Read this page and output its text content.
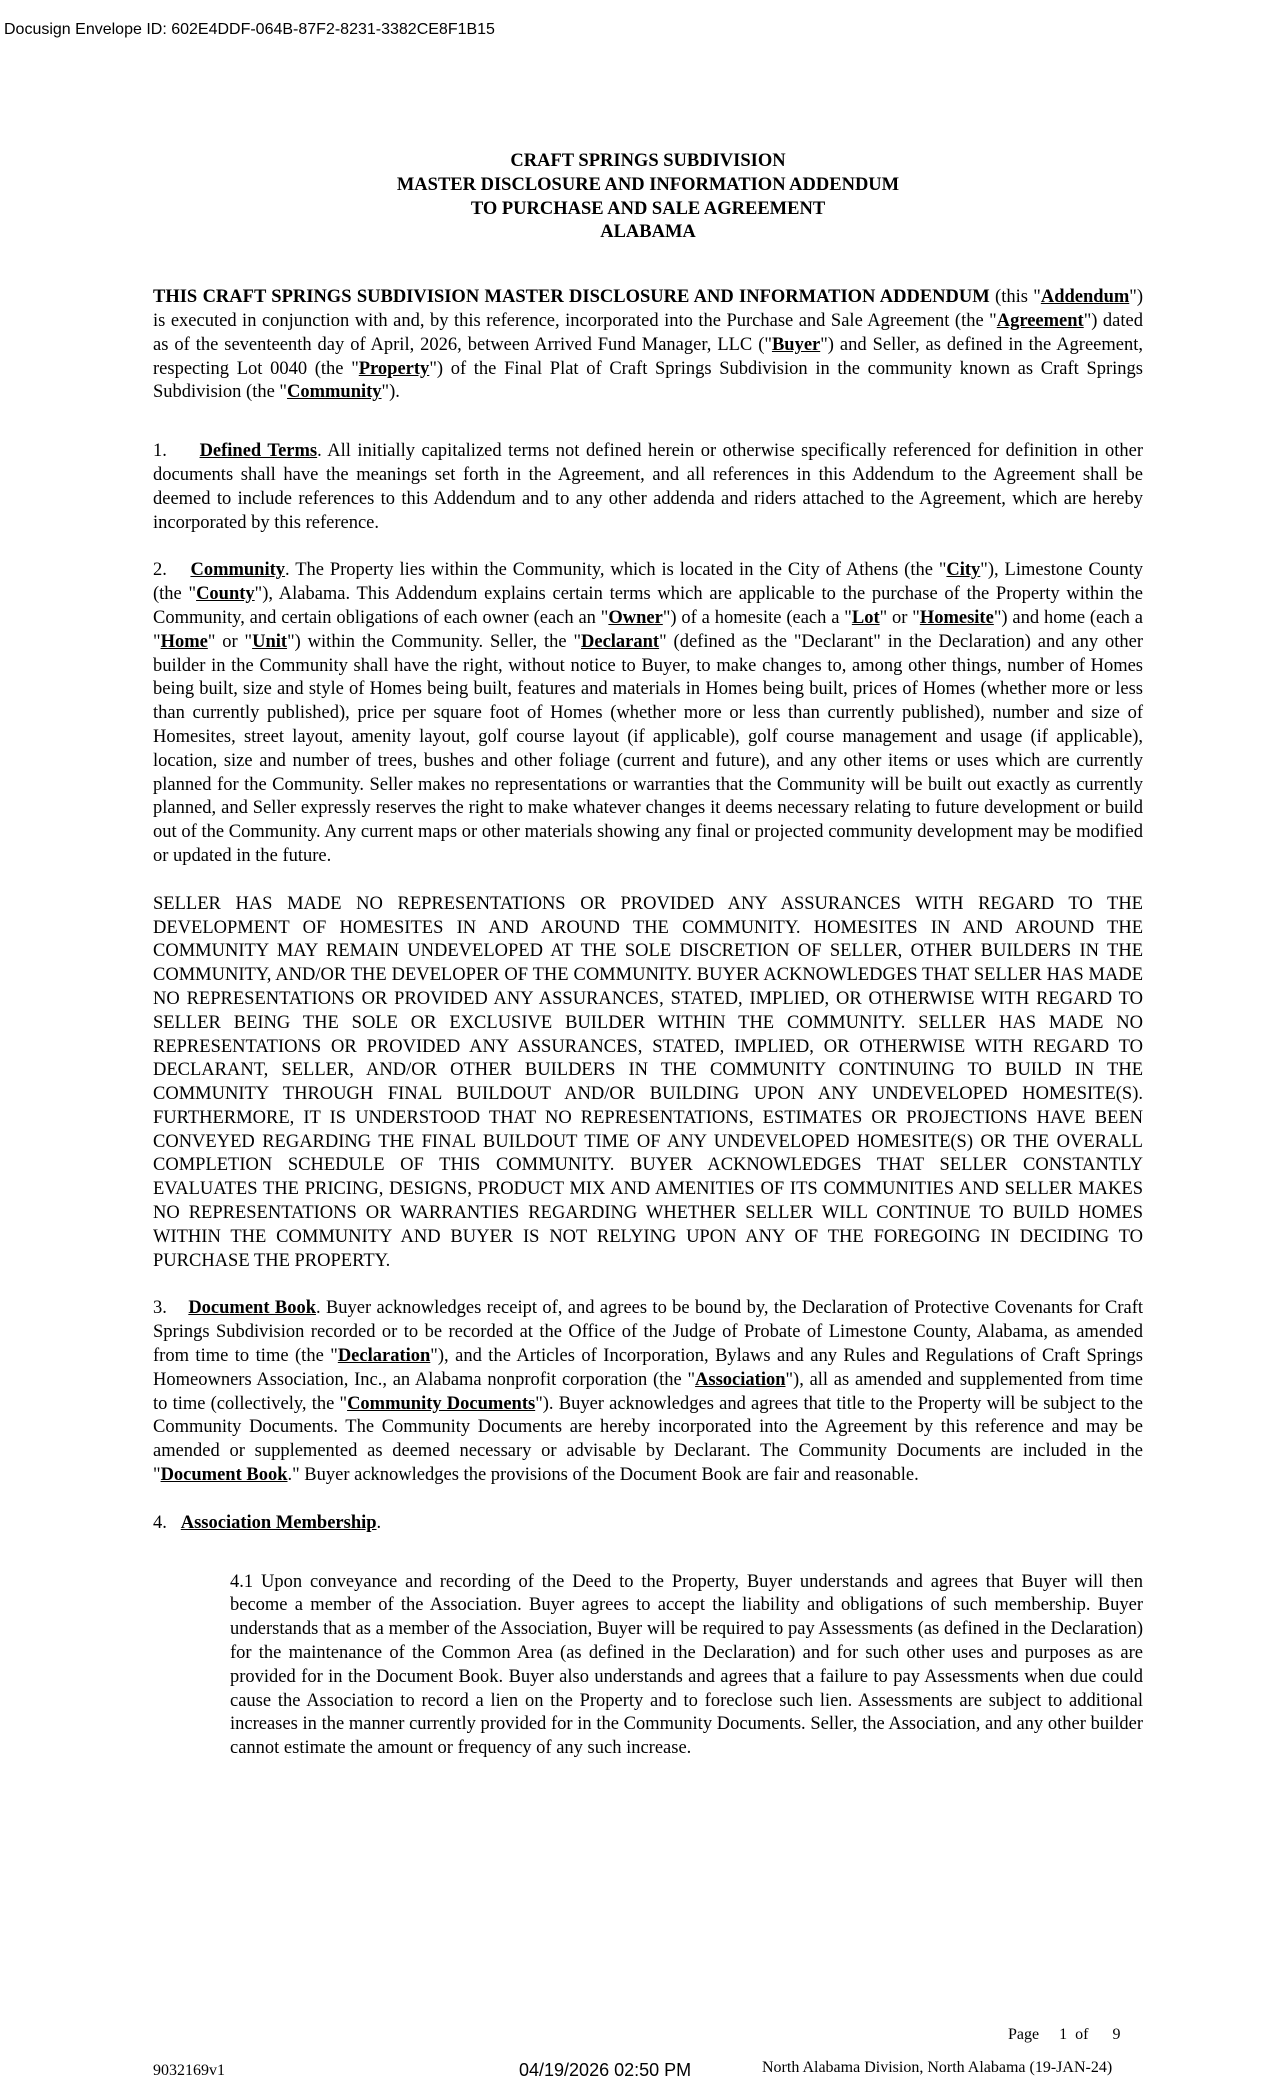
Docusign Envelope ID: 602E4DDF-064B-87F2-8231-3382CE8F1B15
CRAFT SPRINGS SUBDIVISION
MASTER DISCLOSURE AND INFORMATION ADDENDUM
TO PURCHASE AND SALE AGREEMENT
ALABAMA

THIS CRAFT SPRINGS SUBDIVISION MASTER DISCLOSURE AND INFORMATION ADDENDUM (this "Addendum") is executed in conjunction with and, by this reference, incorporated into the Purchase and Sale Agreement (the "Agreement") dated as of the seventeenth day of April, 2026, between Arrived Fund Manager, LLC ("Buyer") and Seller, as defined in the Agreement, respecting Lot 0040 (the "Property") of the Final Plat of Craft Springs Subdivision in the community known as Craft Springs Subdivision (the "Community").

1. Defined Terms. All initially capitalized terms not defined herein or otherwise specifically referenced for definition in other documents shall have the meanings set forth in the Agreement, and all references in this Addendum to the Agreement shall be deemed to include references to this Addendum and to any other addenda and riders attached to the Agreement, which are hereby incorporated by this reference.

2. Community. The Property lies within the Community, which is located in the City of Athens (the "City"), Limestone County (the "County"), Alabama. This Addendum explains certain terms which are applicable to the purchase of the Property within the Community, and certain obligations of each owner (each an "Owner") of a homesite (each a "Lot" or "Homesite") and home (each a "Home" or "Unit") within the Community. Seller, the "Declarant" (defined as the "Declarant" in the Declaration) and any other builder in the Community shall have the right, without notice to Buyer, to make changes to, among other things, number of Homes being built, size and style of Homes being built, features and materials in Homes being built, prices of Homes (whether more or less than currently published), price per square foot of Homes (whether more or less than currently published), number and size of Homesites, street layout, amenity layout, golf course layout (if applicable), golf course management and usage (if applicable), location, size and number of trees, bushes and other foliage (current and future), and any other items or uses which are currently planned for the Community. Seller makes no representations or warranties that the Community will be built out exactly as currently planned, and Seller expressly reserves the right to make whatever changes it deems necessary relating to future development or build out of the Community. Any current maps or other materials showing any final or projected community development may be modified or updated in the future.

SELLER HAS MADE NO REPRESENTATIONS OR PROVIDED ANY ASSURANCES WITH REGARD TO THE DEVELOPMENT OF HOMESITES IN AND AROUND THE COMMUNITY. HOMESITES IN AND AROUND THE COMMUNITY MAY REMAIN UNDEVELOPED AT THE SOLE DISCRETION OF SELLER, OTHER BUILDERS IN THE COMMUNITY, AND/OR THE DEVELOPER OF THE COMMUNITY. BUYER ACKNOWLEDGES THAT SELLER HAS MADE NO REPRESENTATIONS OR PROVIDED ANY ASSURANCES, STATED, IMPLIED, OR OTHERWISE WITH REGARD TO SELLER BEING THE SOLE OR EXCLUSIVE BUILDER WITHIN THE COMMUNITY. SELLER HAS MADE NO REPRESENTATIONS OR PROVIDED ANY ASSURANCES, STATED, IMPLIED, OR OTHERWISE WITH REGARD TO DECLARANT, SELLER, AND/OR OTHER BUILDERS IN THE COMMUNITY CONTINUING TO BUILD IN THE COMMUNITY THROUGH FINAL BUILDOUT AND/OR BUILDING UPON ANY UNDEVELOPED HOMESITE(S). FURTHERMORE, IT IS UNDERSTOOD THAT NO REPRESENTATIONS, ESTIMATES OR PROJECTIONS HAVE BEEN CONVEYED REGARDING THE FINAL BUILDOUT TIME OF ANY UNDEVELOPED HOMESITE(S) OR THE OVERALL COMPLETION SCHEDULE OF THIS COMMUNITY. BUYER ACKNOWLEDGES THAT SELLER CONSTANTLY EVALUATES THE PRICING, DESIGNS, PRODUCT MIX AND AMENITIES OF ITS COMMUNITIES AND SELLER MAKES NO REPRESENTATIONS OR WARRANTIES REGARDING WHETHER SELLER WILL CONTINUE TO BUILD HOMES WITHIN THE COMMUNITY AND BUYER IS NOT RELYING UPON ANY OF THE FOREGOING IN DECIDING TO PURCHASE THE PROPERTY.

3. Document Book. Buyer acknowledges receipt of, and agrees to be bound by, the Declaration of Protective Covenants for Craft Springs Subdivision recorded or to be recorded at the Office of the Judge of Probate of Limestone County, Alabama, as amended from time to time (the "Declaration"), and the Articles of Incorporation, Bylaws and any Rules and Regulations of Craft Springs Homeowners Association, Inc., an Alabama nonprofit corporation (the "Association"), all as amended and supplemented from time to time (collectively, the "Community Documents"). Buyer acknowledges and agrees that title to the Property will be subject to the Community Documents. The Community Documents are hereby incorporated into the Agreement by this reference and may be amended or supplemented as deemed necessary or advisable by Declarant. The Community Documents are included in the "Document Book." Buyer acknowledges the provisions of the Document Book are fair and reasonable.

4. Association Membership.

4.1 Upon conveyance and recording of the Deed to the Property, Buyer understands and agrees that Buyer will then become a member of the Association. Buyer agrees to accept the liability and obligations of such membership. Buyer understands that as a member of the Association, Buyer will be required to pay Assessments (as defined in the Declaration) for the maintenance of the Common Area (as defined in the Declaration) and for such other uses and purposes as are provided for in the Document Book. Buyer also understands and agrees that a failure to pay Assessments when due could cause the Association to record a lien on the Property and to foreclose such lien. Assessments are subject to additional increases in the manner currently provided for in the Community Documents. Seller, the Association, and any other builder cannot estimate the amount or frequency of any such increase.

Page 1 of 9
9032169v1	04/19/2026 02:50 PM	North Alabama Division, North Alabama (19-JAN-24)
